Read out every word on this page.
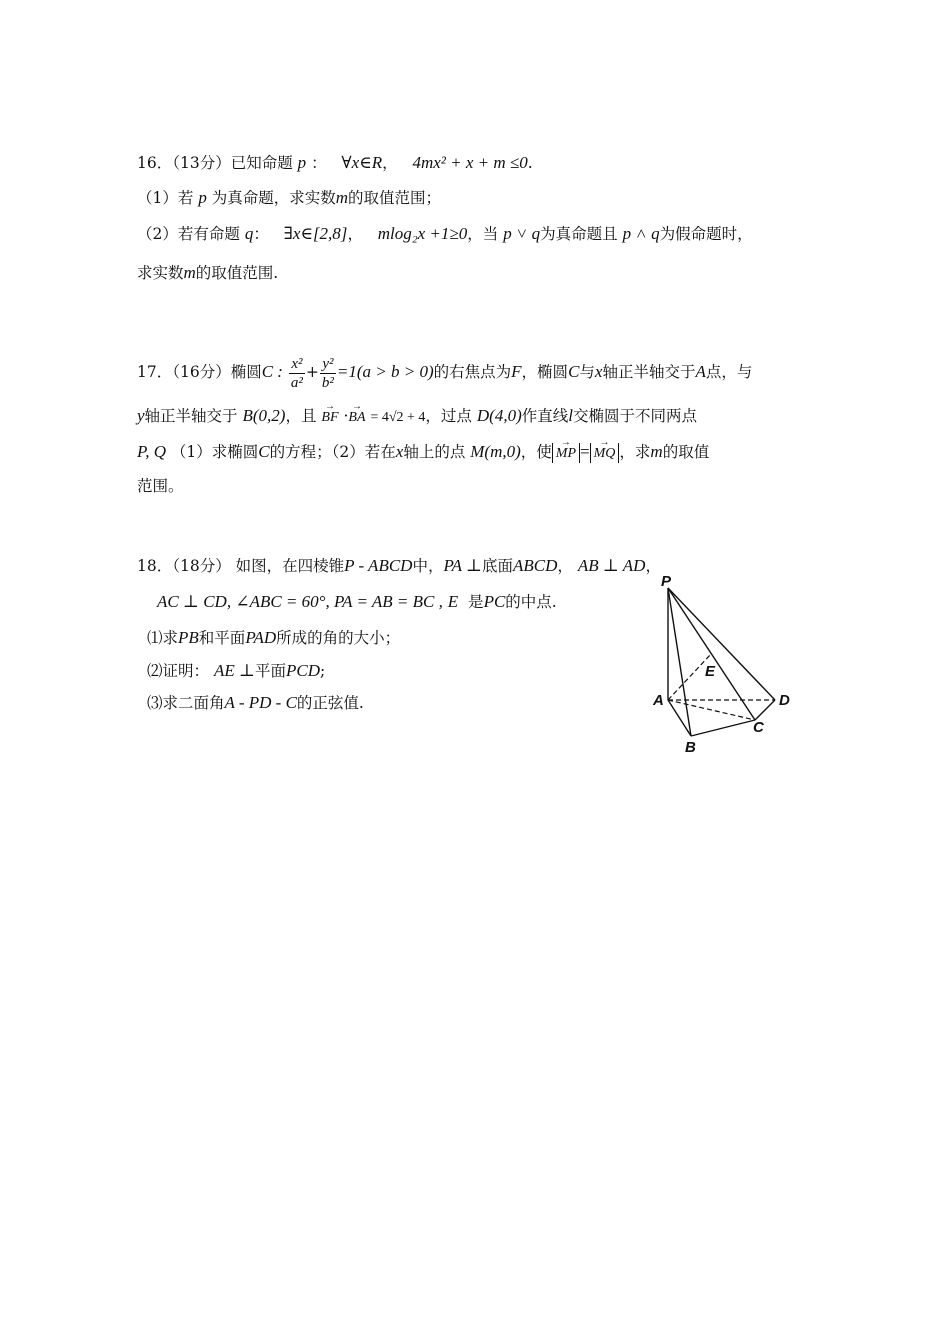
16．（13分）已知命题 p ： ∀x∈R，   4mx² + x + m ≤0.
（1）若 p 为真命题，求实数m的取值范围；
（2）若有命题 q：   ∃x∈[2,8]，   mlog₂x +1≥0，当 p ˅ q为真命题且 p ˄ q为假命题时，
求实数m的取值范围.
17．（16分）椭圆C : $\frac{\text{x²}}{\text{a²}} + \frac{\text{y²}}{\text{b²}} =1(a > b > 0)$的右焦点为F，椭圆C与x轴正半轴交于A点，与
y轴正半轴交于 B(0,2)，且 → BF ·→ BA = 4√2 + 4，过点 D(4,0)作直线l交椭圆于不同两点
P, Q （1）求椭圆C的方程；（2）若在x轴上的点 M(m,0)，使 → MP = → MQ ，求m的取值
范围。
18．（18分） 如图，在四棱锥P - ABCD中，PA ⊥底面ABCD， AB ⊥ AD，
AC ⊥ CD, ∠ABC = 60°, PA = AB = BC , E 是PC的中点.
⑴求PB和平面PAD所成的角的大小；
⑵证明： AE ⊥平面PCD;
⑶求二面角A - PD - C的正弦值.
P
E
A	D
C
B
